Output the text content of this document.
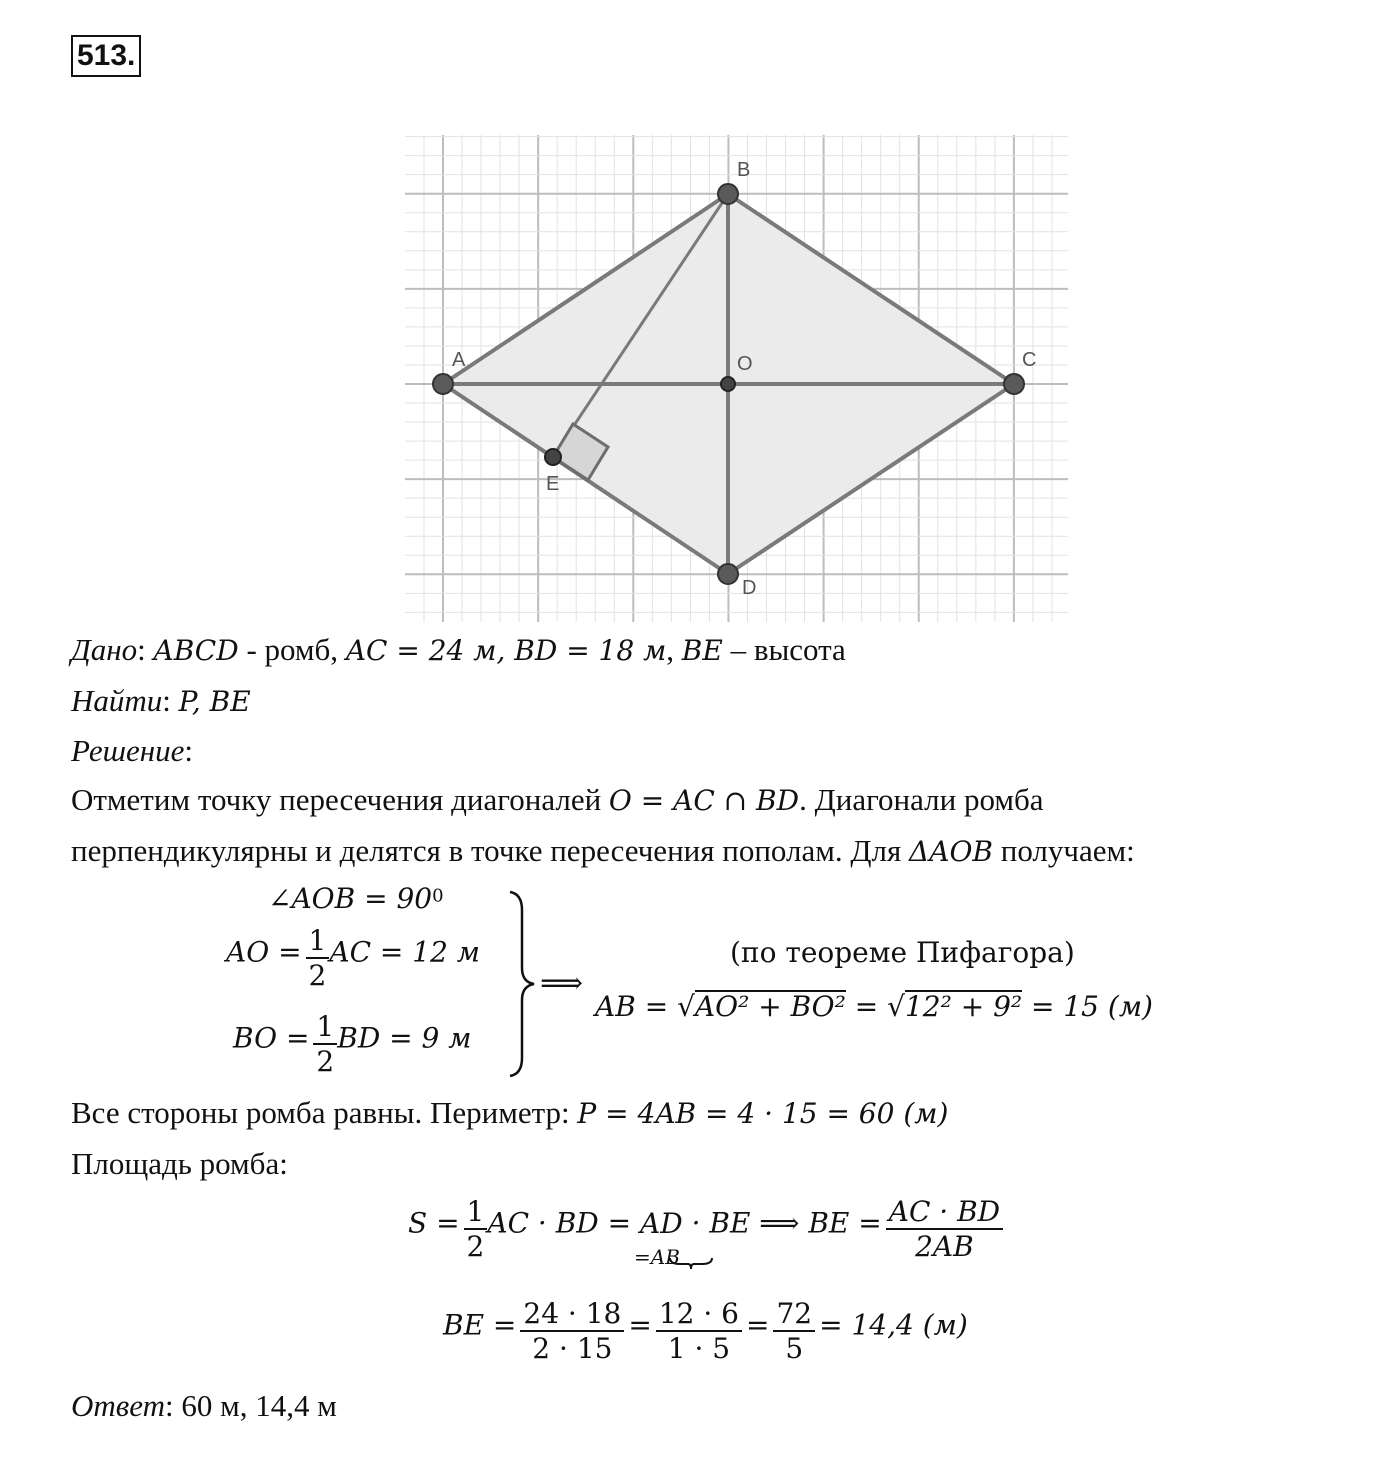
513.
A
B
C
D
O
E
Дано: ABCD - ромб, AC = 24 м, BD = 18 м, BE – высота
Найти: P, BE
Решение:
Отметим точку пересечения диагоналей O = AC ∩ BD. Диагонали ромба
перпендикулярны и делятся в точке пересечения пополам. Для ΔAOB получаем:
∠AOB = $90^0$
AO = $\frac{1}{2}$ AC = 12 м
BO = $\frac{1}{2}$ BD = 9 м
⟹
(по теореме Пифагора)
AB = √AO² + BO² = √12² + 9² = 15 (м)
Все стороны ромба равны. Периметр: P = 4AB = 4 · 15 = 60 (м)
Площадь ромба:
$S = \frac{1}{2}$ AC · BD = AD
=AB
· BE ⟹ BE = $\frac{AC \cdot BD}{2AB}$
BE = $\frac{24 \cdot 18}{2 \cdot 15} = \frac{12 \cdot 6}{1 \cdot 5} = \frac{72}{5} = 14,4$ (м)
Ответ: 60 м, 14,4 м
